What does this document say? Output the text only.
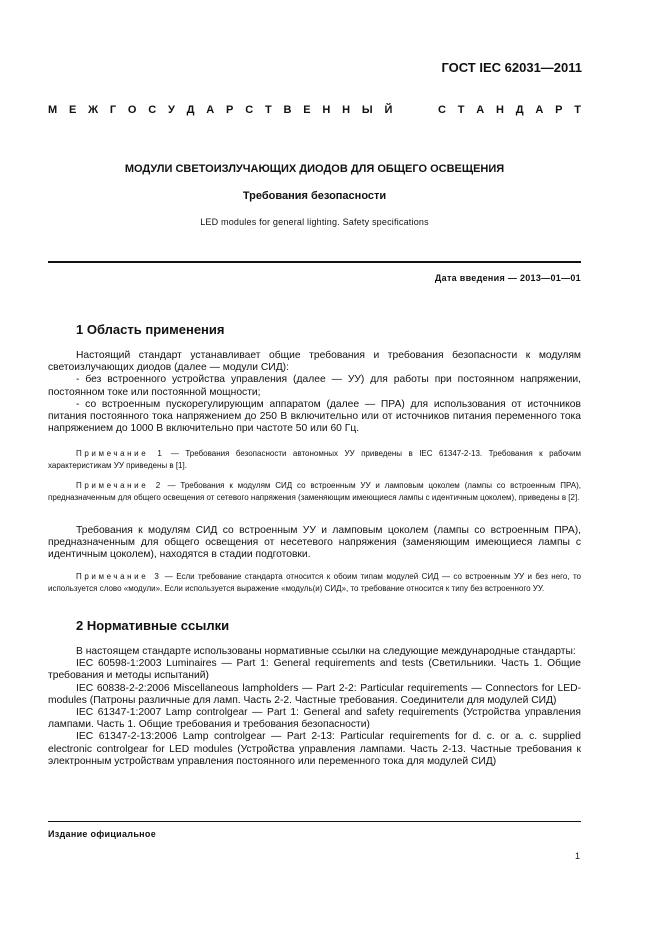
ГОСТ IEC 62031—2011
М Е Ж Г О С У Д А Р С Т В Е Н Н Ы Й	С Т А Н Д А Р Т
МОДУЛИ СВЕТОИЗЛУЧАЮЩИХ ДИОДОВ ДЛЯ ОБЩЕГО ОСВЕЩЕНИЯ
Требования безопасности
LED modules for general lighting. Safety specifications
Дата введения — 2013—01—01
1 Область применения

Настоящий стандарт устанавливает общие требования и требования безопасности к модулям светоизлучающих диодов (далее — модули СИД):

- без встроенного устройства управления (далее — УУ) для работы при постоянном напряжении, постоянном токе или постоянной мощности;

- со встроенным пускорегулирующим аппаратом (далее — ПРА) для использования от источников питания постоянного тока напряжением до 250 В включительно или от источников питания переменного тока напряжением до 1000 В включительно при частоте 50 или 60 Гц.

Примечание 1 — Требования безопасности автономных УУ приведены в IEC 61347-2-13. Требования к рабочим характеристикам УУ приведены в [1].
Примечание 2 — Требования к модулям СИД со встроенным УУ и ламповым цоколем (лампы со встроенным ПРА), предназначенным для общего освещения от сетевого напряжения (заменяющим имеющиеся лампы с идентичным цоколем), приведены в [2].

Требования к модулям СИД со встроенным УУ и ламповым цоколем (лампы со встроенным ПРА), предназначенным для общего освещения от несетевого напряжения (заменяющим имеющиеся лампы с идентичным цоколем), находятся в стадии подготовки.

Примечание 3 — Если требование стандарта относится к обоим типам модулей СИД — со встроенным УУ и без него, то используется слово «модули». Если используется выражение «модуль(и) СИД», то требование относится к типу без встроенного УУ.
2 Нормативные ссылки

В настоящем стандарте использованы нормативные ссылки на следующие международные стандарты:

IEC 60598-1:2003 Luminaires — Part 1: General requirements and tests (Светильники. Часть 1. Общие требования и методы испытаний)

IEC 60838-2-2:2006 Miscellaneous lampholders — Part 2-2: Particular requirements — Connectors for LED-modules (Патроны различные для ламп. Часть 2-2. Частные требования. Соединители для модулей СИД)

IEC 61347-1:2007 Lamp controlgear — Part 1: General and safety requirements (Устройства управления лампами. Часть 1. Общие требования и требования безопасности)

IEC 61347-2-13:2006 Lamp controlgear — Part 2-13: Particular requirements for d. c. or a. c. supplied electronic controlgear for LED modules (Устройства управления лампами. Часть 2-13. Частные требования к электронным устройствам управления постоянного или переменного тока для модулей СИД)

Издание официальное
1
